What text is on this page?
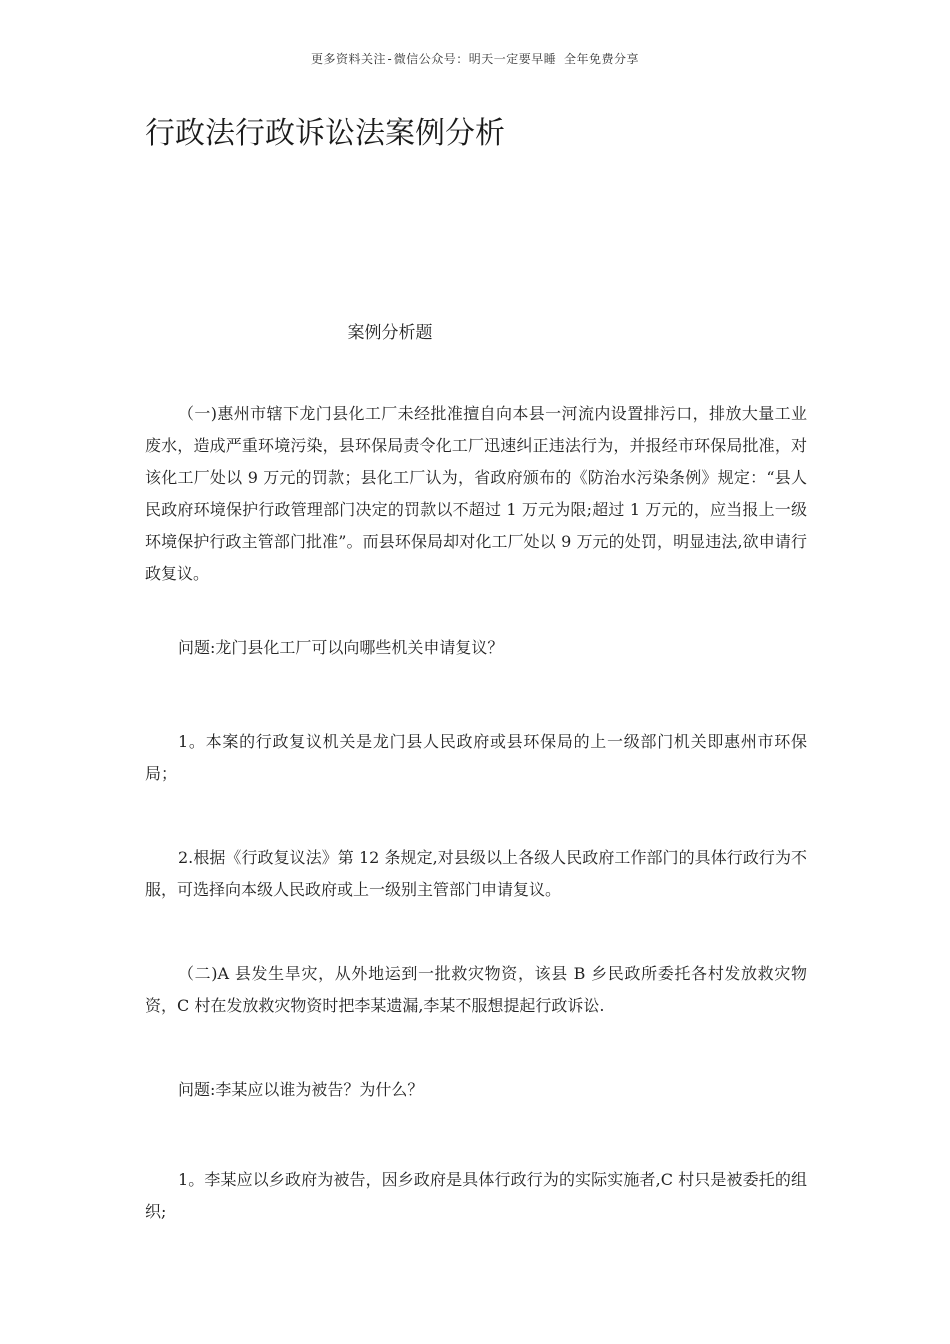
更多资料关注-微信公众号：明天一定要早睡 全年免费分享
行政法行政诉讼法案例分析
案例分析题

（一)惠州市辖下龙门县化工厂未经批准擅自向本县一河流内设置排污口，排放大量工业废水，造成严重环境污染，县环保局责令化工厂迅速纠正违法行为，并报经市环保局批准，对该化工厂处以 9 万元的罚款；县化工厂认为，省政府颁布的《防治水污染条例》规定：“县人民政府环境保护行政管理部门决定的罚款以不超过 1 万元为限;超过 1 万元的，应当报上一级环境保护行政主管部门批准”。而县环保局却对化工厂处以 9 万元的处罚，明显违法,欲申请行政复议。

问题:龙门县化工厂可以向哪些机关申请复议？

1。本案的行政复议机关是龙门县人民政府或县环保局的上一级部门机关即惠州市环保局；

2.根据《行政复议法》第 12 条规定,对县级以上各级人民政府工作部门的具体行政行为不服，可选择向本级人民政府或上一级别主管部门申请复议。

（二)A 县发生旱灾，从外地运到一批救灾物资，该县 B 乡民政所委托各村发放救灾物资，C 村在发放救灾物资时把李某遗漏,李某不服想提起行政诉讼.

问题:李某应以谁为被告？为什么？

1。李某应以乡政府为被告，因乡政府是具体行政行为的实际实施者,C 村只是被委托的组织;
